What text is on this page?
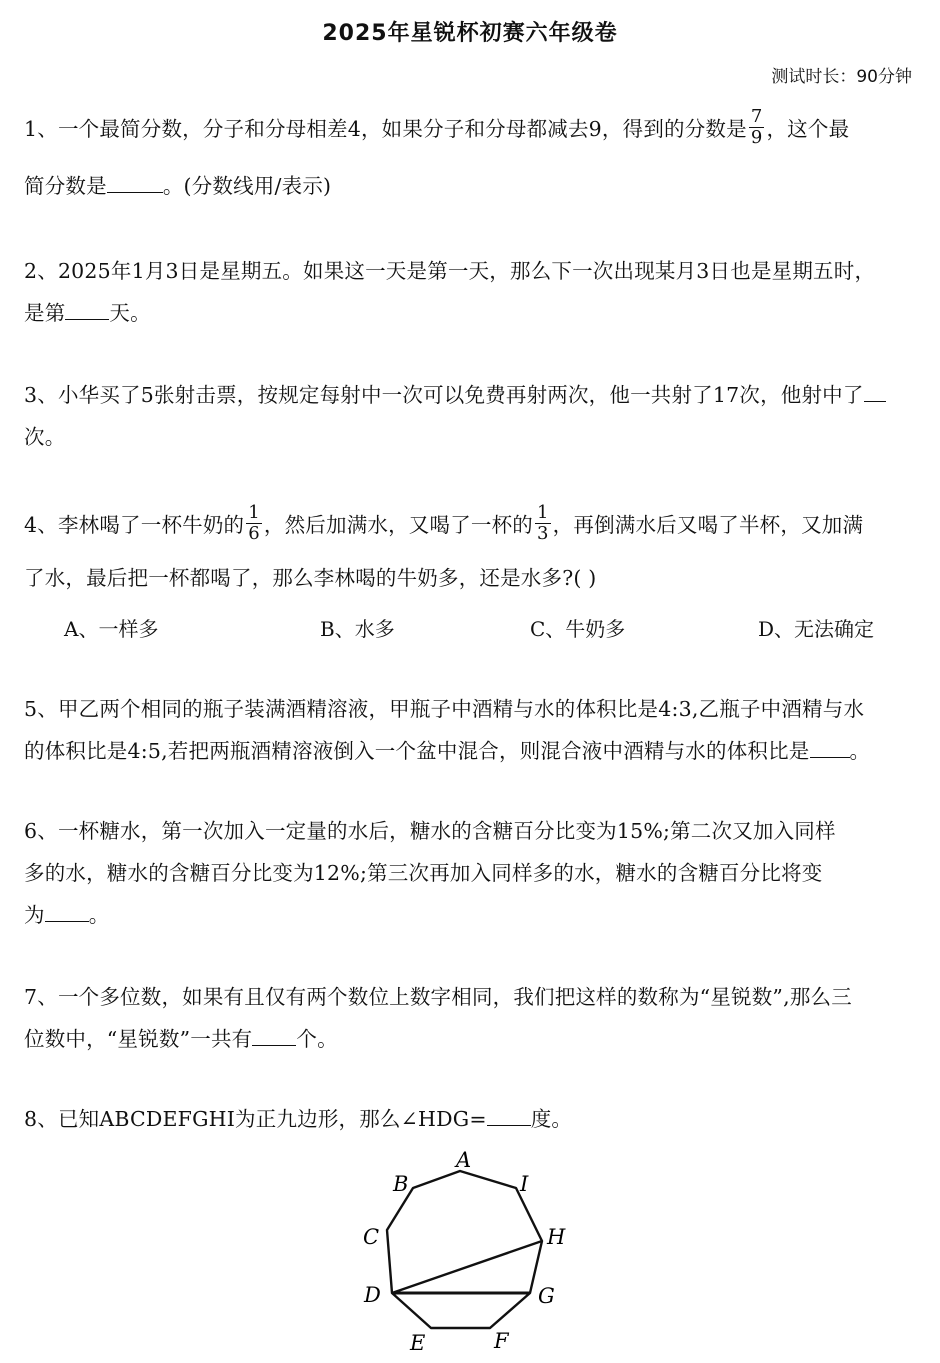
2025年星锐杯初赛六年级卷
测试时长：90分钟
1、一个最简分数，分子和分母相差4，如果分子和分母都减去9，得到的分数是 $\frac{7}{9}$ ，这个最
简分数是	。(分数线用/表示)
2、2025年1月3日是星期五。如果这一天是第一天，那么下一次出现某月3日也是星期五时，
是第 天。
3、小华买了5张射击票，按规定每射中一次可以免费再射两次，他一共射了17次，他射中了
次。
4、李林喝了一杯牛奶的 $\frac{1}{6}$ ，然后加满水，又喝了一杯的 $\frac{1}{3}$ ，再倒满水后又喝了半杯，又加满
了水，最后把一杯都喝了，那么李林喝的牛奶多，还是水多?( )
A、一样多	B、水多	C、牛奶多	D、无法确定
5、甲乙两个相同的瓶子装满酒精溶液，甲瓶子中酒精与水的体积比是4:3,乙瓶子中酒精与水
的体积比是4:5,若把两瓶酒精溶液倒入一个盆中混合，则混合液中酒精与水的体积比是 。
6、一杯糖水，第一次加入一定量的水后，糖水的含糖百分比变为15%;第二次又加入同样
多的水，糖水的含糖百分比变为12%;第三次再加入同样多的水，糖水的含糖百分比将变
为 。
7、一个多位数，如果有且仅有两个数位上数字相同，我们把这样的数称为“星锐数”,那么三
位数中，“星锐数”一共有 个。
8、已知ABCDEFGHI为正九边形，那么∠HDG= 度。
A
B
C
D
E	F
G
H
I
